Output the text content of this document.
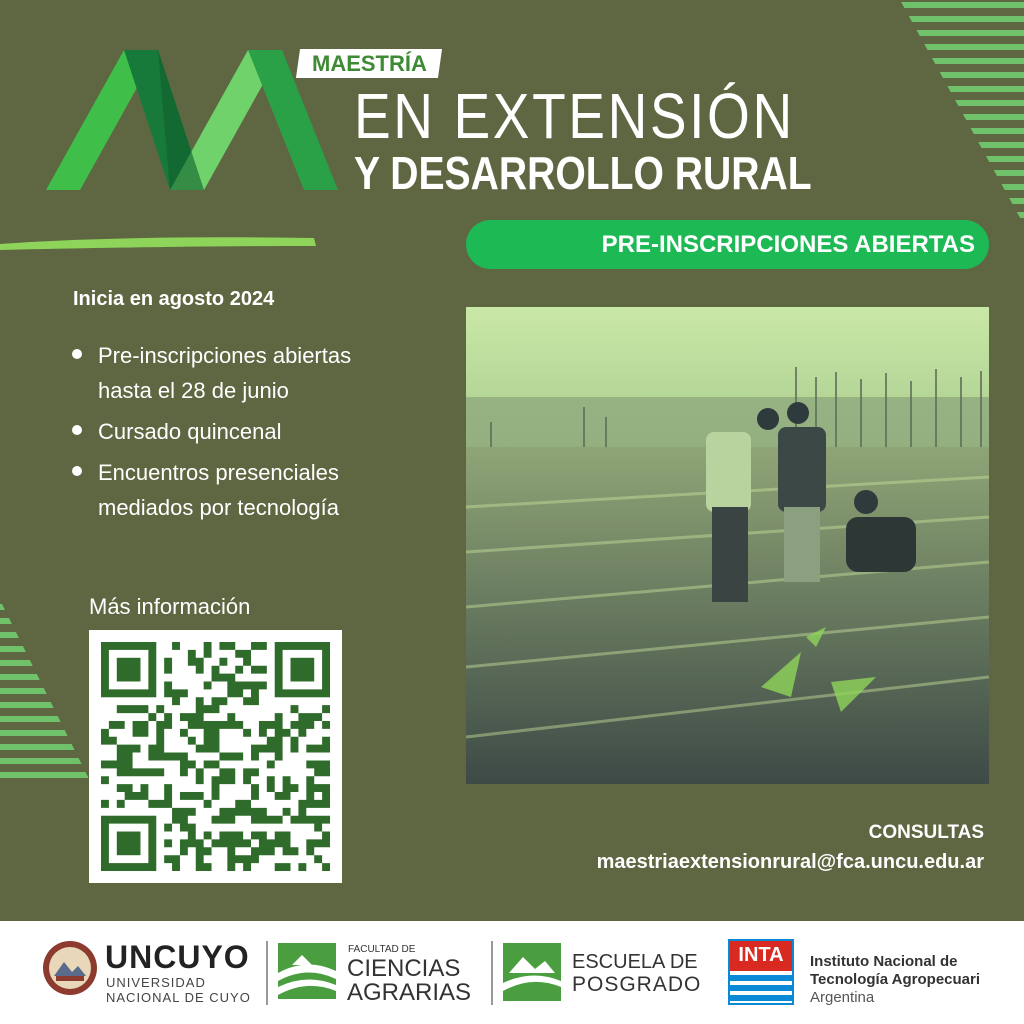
MAESTRÍA
EN EXTENSIÓN
Y DESARROLLO RURAL
PRE-INSCRIPCIONES ABIERTAS
Inicia en agosto 2024
Pre-inscripciones abiertas hasta el 28 de junio
Cursado quincenal
Encuentros presenciales mediados por tecnología
Más información
CONSULTAS
maestriaextensionrural@fca.uncu.edu.ar
UNCUYO
UNIVERSIDAD
NACIONAL DE CUYO
FACULTAD DE
CIENCIAS
AGRARIAS
ESCUELA DE
POSGRADO
INTA	Instituto Nacional de
Tecnología Agropecuari
Argentina
